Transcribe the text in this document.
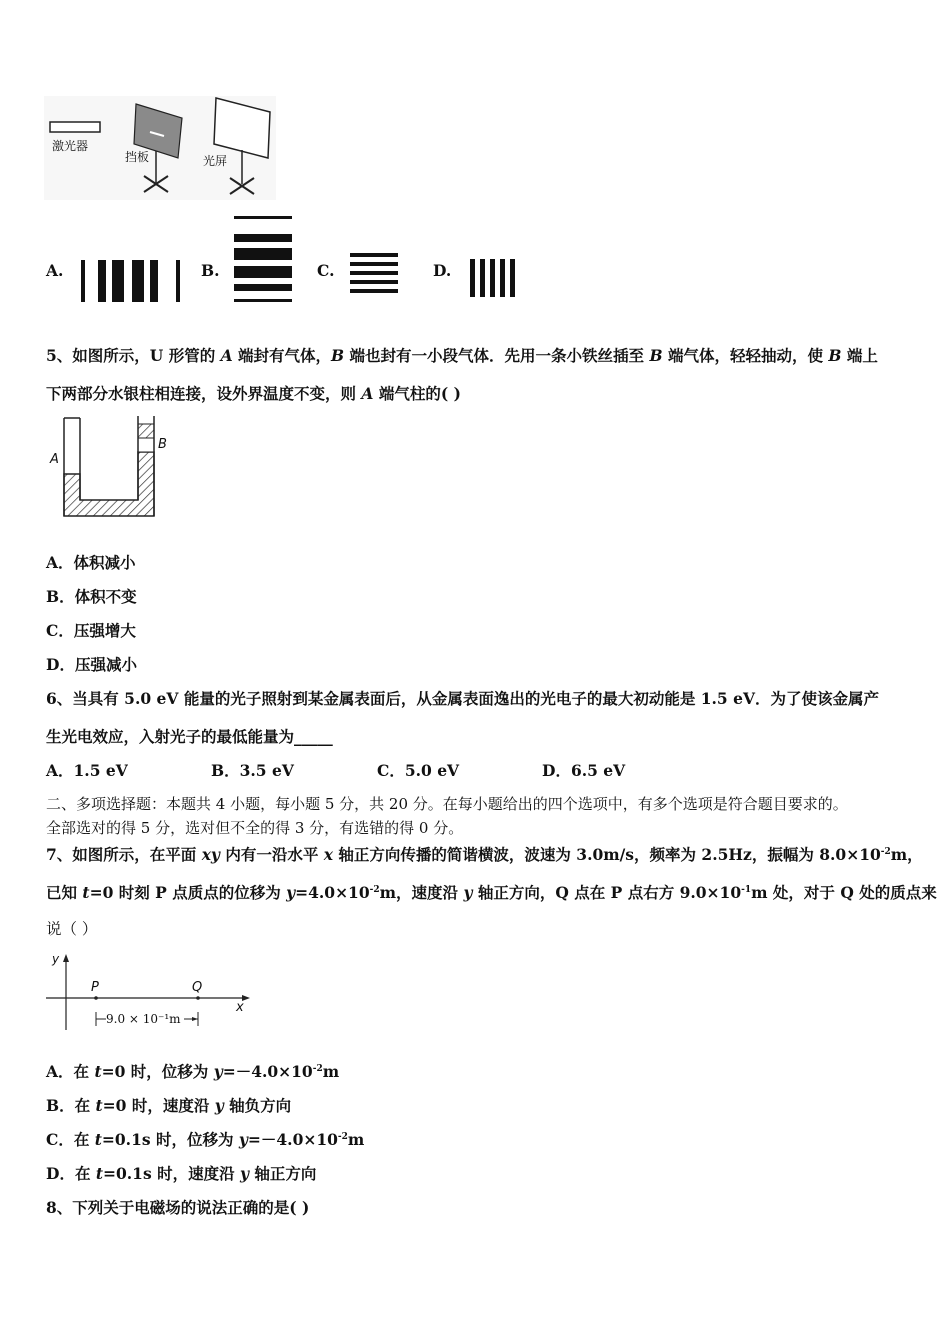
激光器
挡板	光屏
A.	B.	C.	D.
5、如图所示，U 形管的 A 端封有气体，B 端也封有一小段气体．先用一条小铁丝插至 B 端气体，轻轻抽动，使 B 端上
下两部分水银柱相连接，设外界温度不变，则 A 端气柱的( )
A
B
A．体积减小
B．体积不变
C．压强增大
D．压强减小
6、当具有 5.0 eV 能量的光子照射到某金属表面后，从金属表面逸出的光电子的最大初动能是 1.5 eV．为了使该金属产
生光电效应，入射光子的最低能量为_____
A．1.5 eV	B．3.5 eV	C．5.0 eV	D．6.5 eV
二、多项选择题：本题共 4 小题，每小题 5 分，共 20 分。在每小题给出的四个选项中，有多个选项是符合题目要求的。
全部选对的得 5 分，选对但不全的得 3 分，有选错的得 0 分。
7、如图所示，在平面 xy 内有一沿水平 x 轴正方向传播的简谐横波，波速为 3.0m/s，频率为 2.5Hz，振幅为 $8.0\times 10^{-2}m$，
已知 t=0 时刻 P 点质点的位移为 $y=4.0\times 10^{-2}m$，速度沿 y 轴正方向，Q 点在 P 点右方 $9.0\times 10^{-1}m$ 处，对于 Q 处的质点来
说（ ）
y
P	Q
x
9.0 × 10⁻¹m
A．在 t=0 时，位移为 $y=-4.0\times 10^{-2}m$
B．在 t=0 时，速度沿 y 轴负方向
C．在 t=0.1s 时，位移为 $y=-4.0\times 10^{-2}m$
D．在 t=0.1s 时，速度沿 y 轴正方向
8、下列关于电磁场的说法正确的是( )
